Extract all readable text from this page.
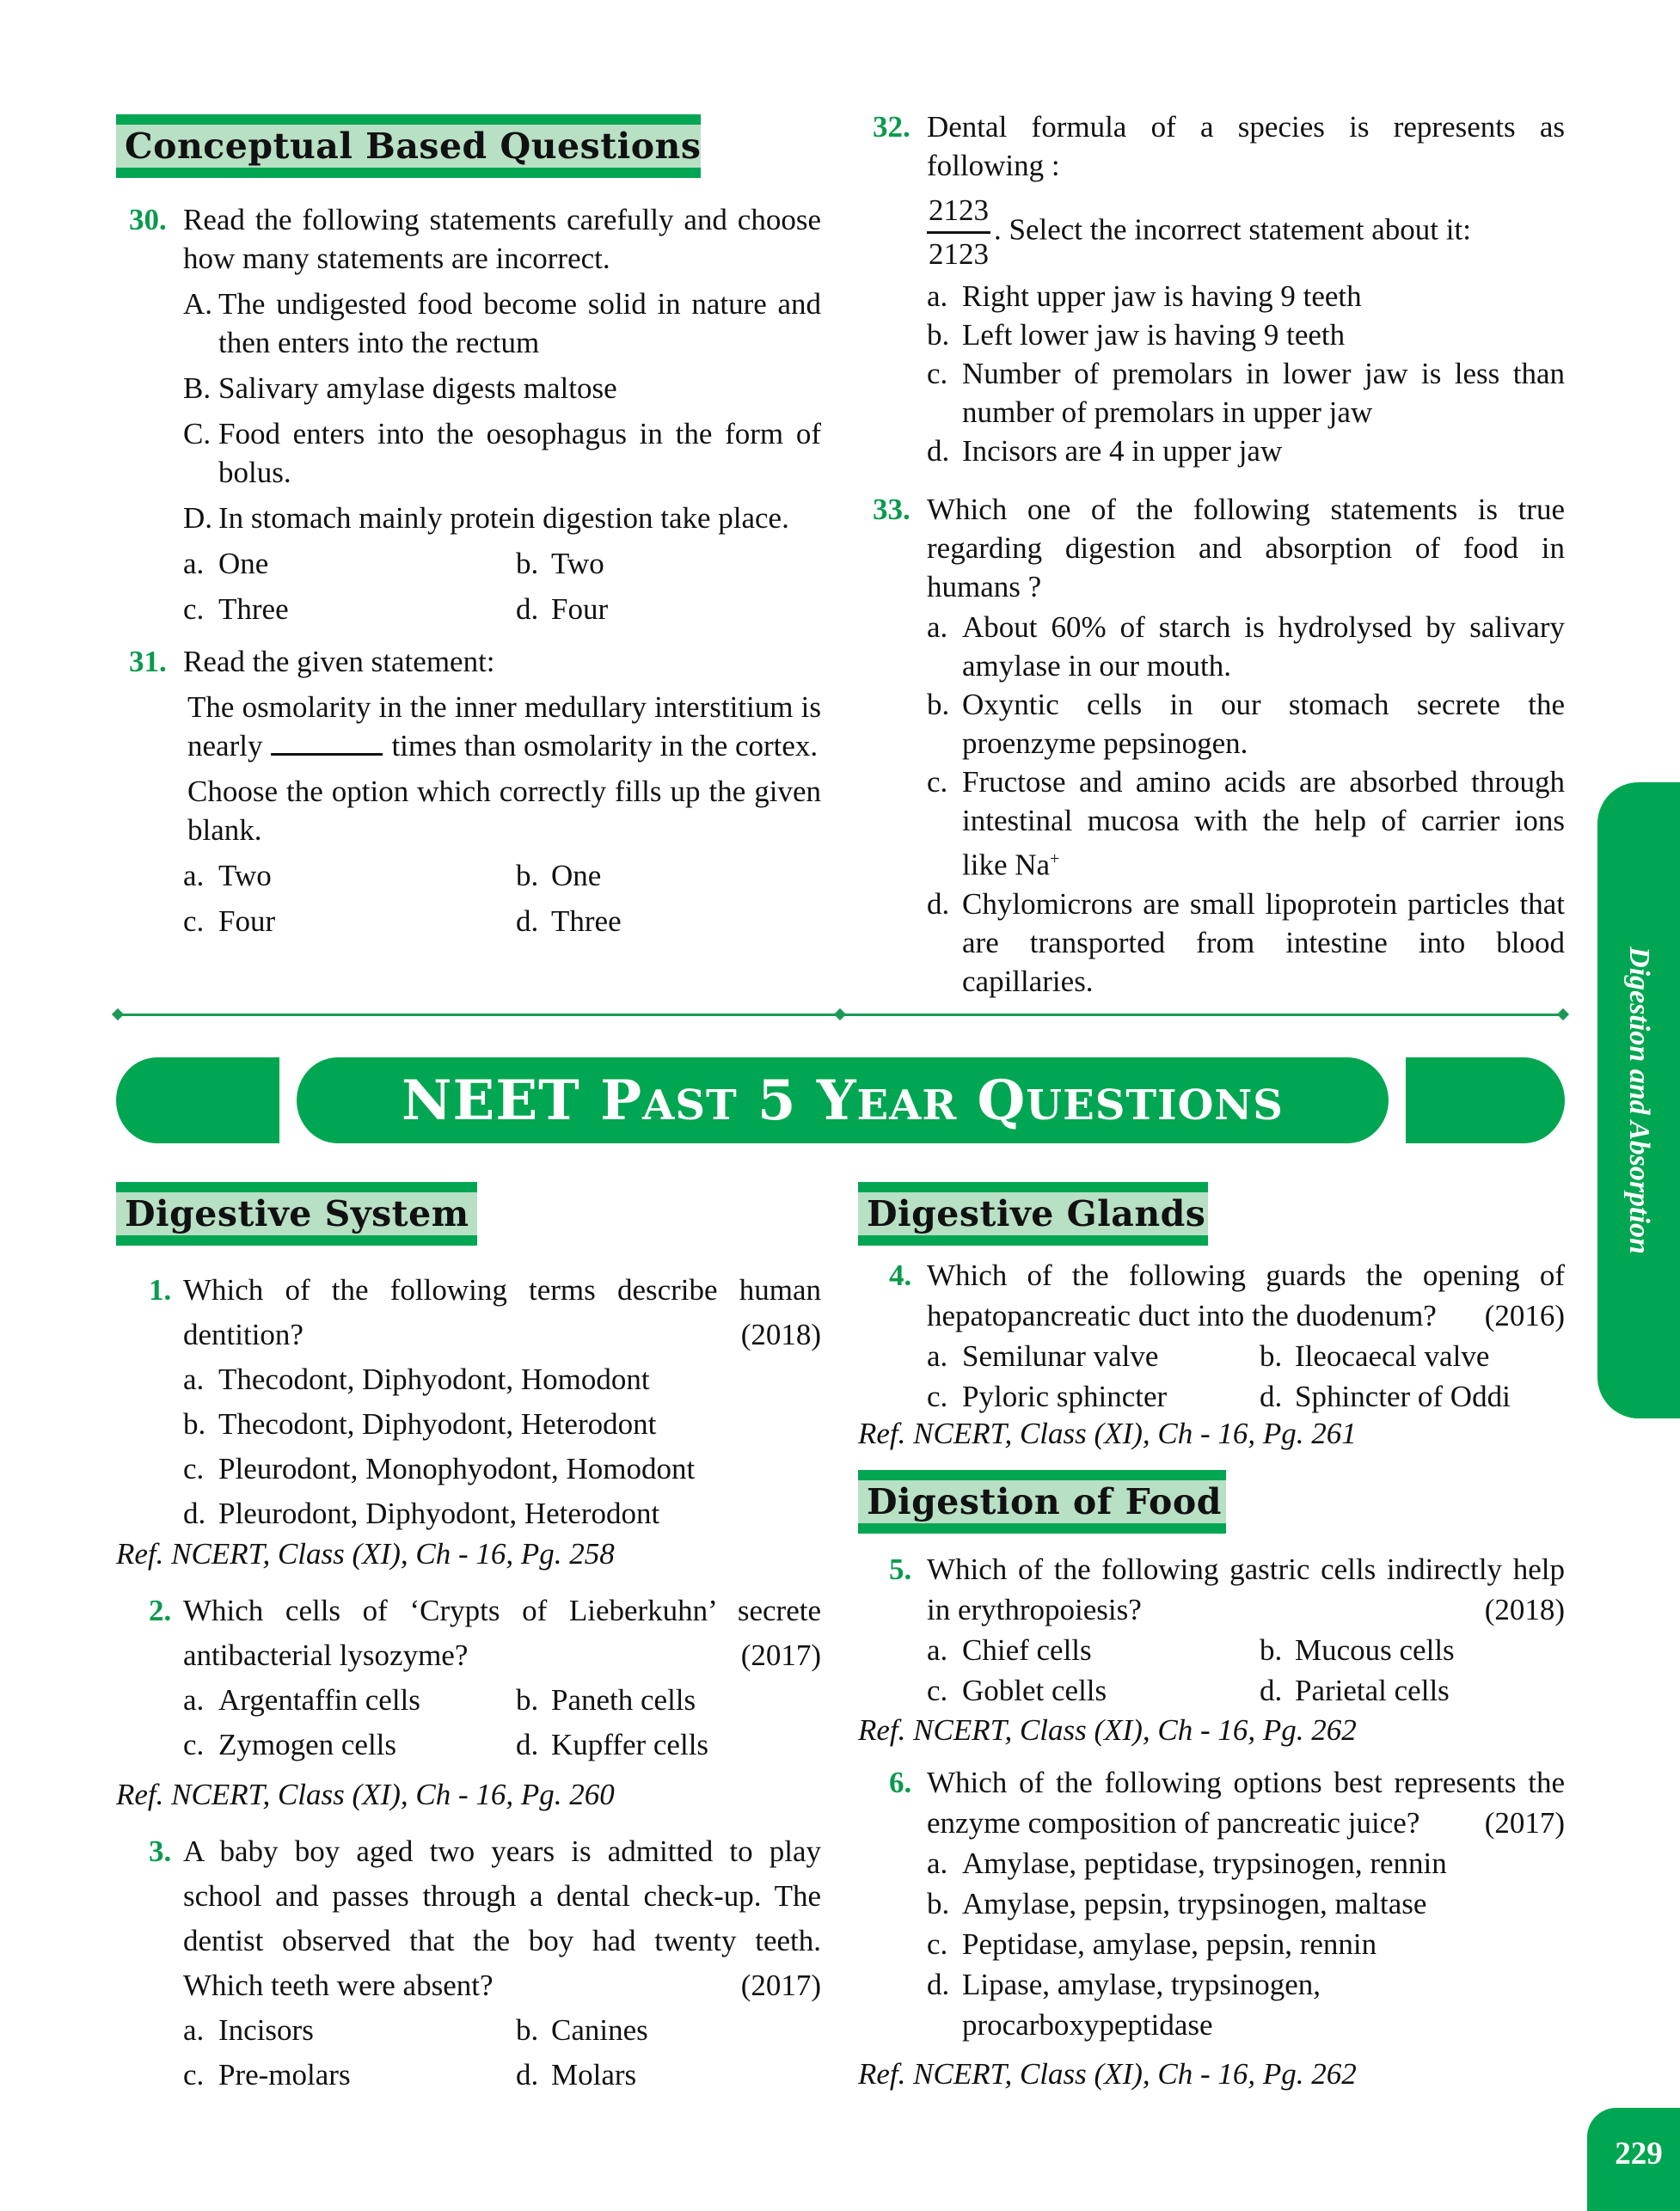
Conceptual Based Questions
30. Read the following statements carefully and choose how many statements are incorrect.
A. The undigested food become solid in nature and then enters into the rectum
B. Salivary amylase digests maltose
C. Food enters into the oesophagus in the form of bolus.
D. In stomach mainly protein digestion take place.
a. One	b. Two
c. Three	d. Four
31. Read the given statement:
The osmolarity in the inner medullary interstitium is nearly	times than osmolarity in the cortex.
Choose the option which correctly fills up the given blank.
a. Two	b. One
c. Four	d. Three
32. Dental formula of a species is represents as following :
$\frac{2123}{2123}$ . Select the incorrect statement about it:
a. Right upper jaw is having 9 teeth
b. Left lower jaw is having 9 teeth
c. Number of premolars in lower jaw is less than number of premolars in upper jaw
d. Incisors are 4 in upper jaw
33. Which one of the following statements is true regarding digestion and absorption of food in humans ?
a. About 60% of starch is hydrolysed by salivary amylase in our mouth.
b. Oxyntic cells in our stomach secrete the proenzyme pepsinogen.
c. Fructose and amino acids are absorbed through intestinal mucosa with the help of carrier ions like Na+
d. Chylomicrons are small lipoprotein particles that are transported from intestine into blood capillaries.
NEET PAST 5 YEAR QUESTIONS
Digestive System
1. Which of the following terms describe human dentition?	(2018)
a. Thecodont, Diphyodont, Homodont
b. Thecodont, Diphyodont, Heterodont
c. Pleurodont, Monophyodont, Homodont
d. Pleurodont, Diphyodont, Heterodont
Ref. NCERT, Class (XI), Ch - 16, Pg. 258
2. Which cells of ‘Crypts of Lieberkuhn’ secrete antibacterial lysozyme?	(2017)
a. Argentaffin cells	b. Paneth cells
c. Zymogen cells	d. Kupffer cells
Ref. NCERT, Class (XI), Ch - 16, Pg. 260
3. A baby boy aged two years is admitted to play school and passes through a dental check-up. The dentist observed that the boy had twenty teeth. Which teeth were absent?	(2017)
a. Incisors	b. Canines
c. Pre-molars	d. Molars
Digestive Glands
4. Which of the following guards the opening of hepatopancreatic duct into the duodenum? (2016)
a. Semilunar valve	b. Ileocaecal valve
c. Pyloric sphincter	d. Sphincter of Oddi
Ref. NCERT, Class (XI), Ch - 16, Pg. 261
Digestion of Food
5. Which of the following gastric cells indirectly help in erythropoiesis?	(2018)
a. Chief cells	b. Mucous cells
c. Goblet cells	d. Parietal cells
Ref. NCERT, Class (XI), Ch - 16, Pg. 262
6. Which of the following options best represents the enzyme composition of pancreatic juice? (2017)
a. Amylase, peptidase, trypsinogen, rennin
b. Amylase, pepsin, trypsinogen, maltase
c. Peptidase, amylase, pepsin, rennin
d. Lipase, amylase, trypsinogen, procarboxypeptidase
Ref. NCERT, Class (XI), Ch - 16, Pg. 262
Digestion and Absorption
229
